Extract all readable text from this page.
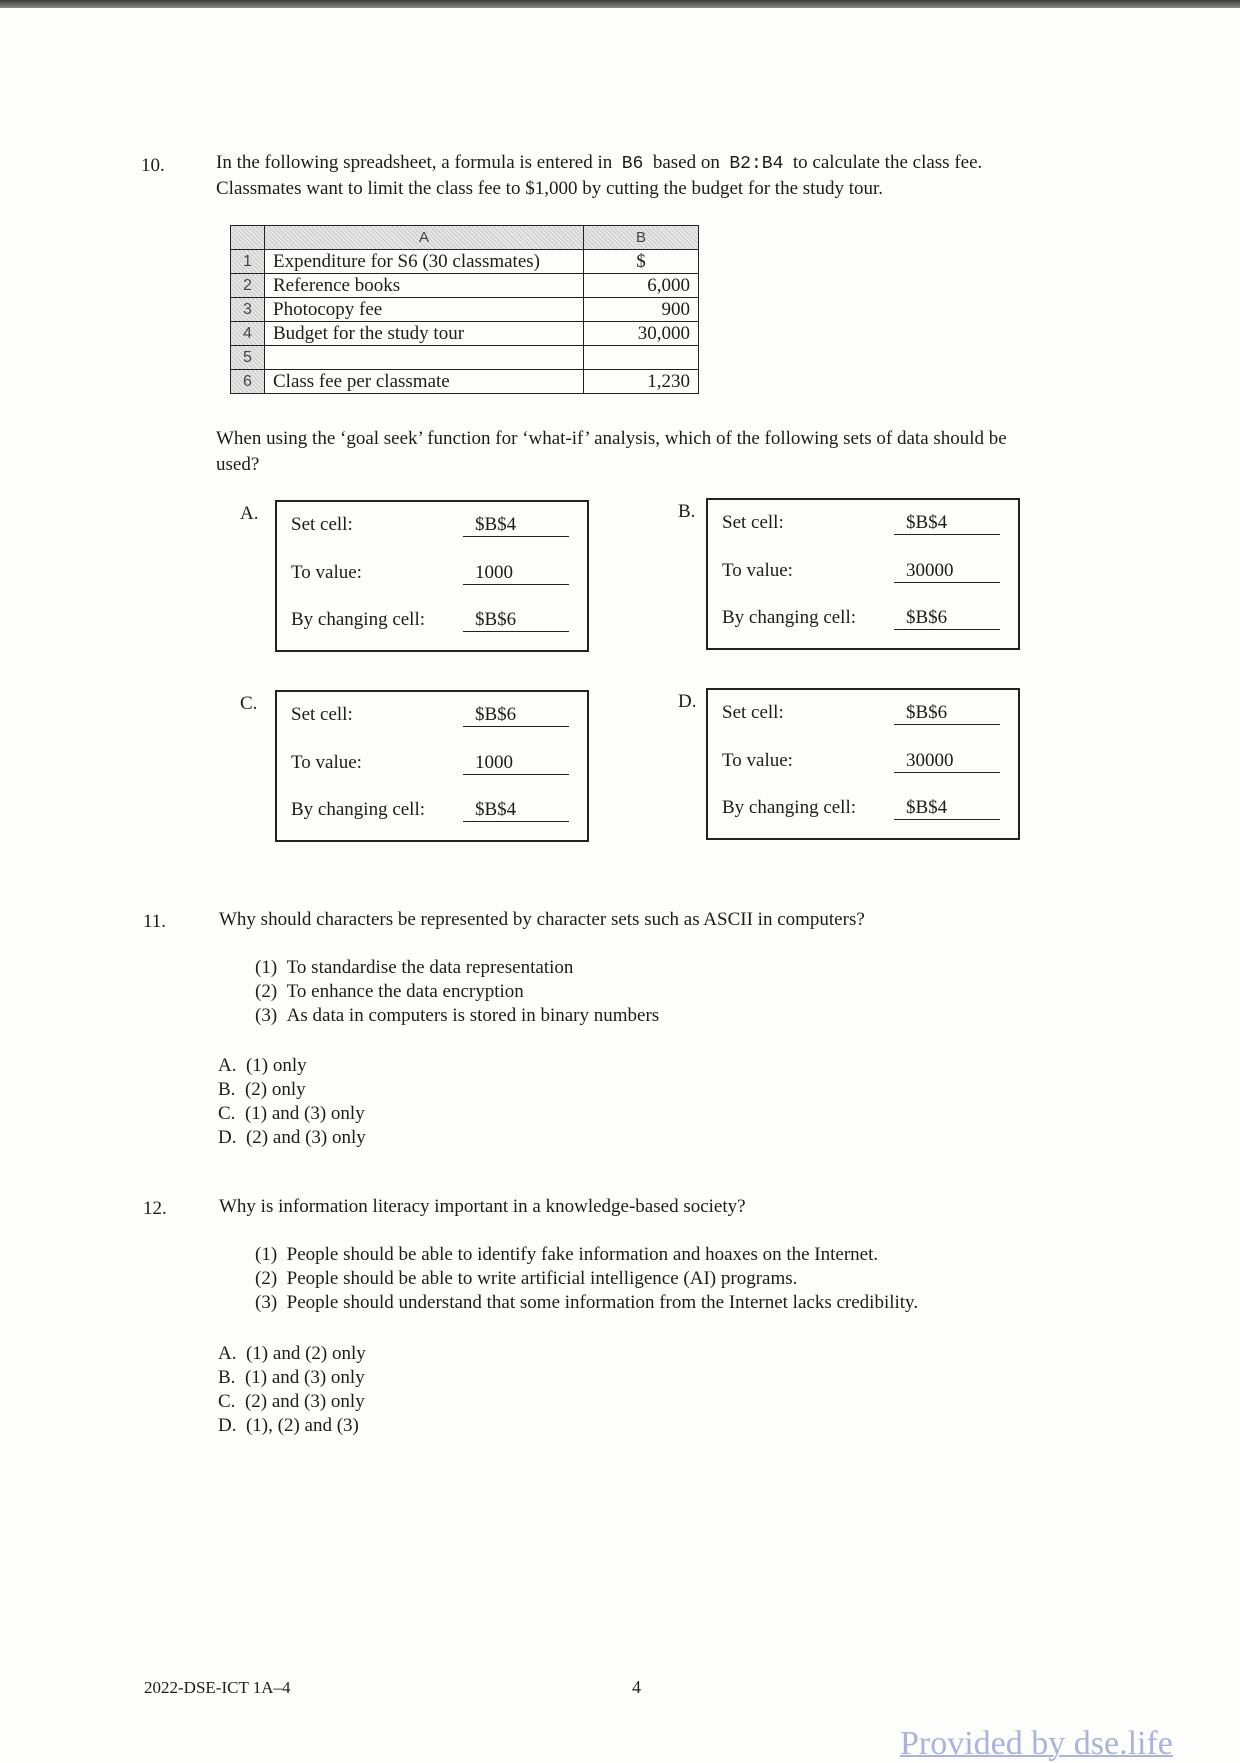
10.	In the following spreadsheet, a formula is entered in B6 based on B2:B4 to calculate the class fee.
Classmates want to limit the class fee to $1,000 by cutting the budget for the study tour.
	A	B
1	Expenditure for S6 (30 classmates)	$
2	Reference books	6,000
3	Photocopy fee	900
4	Budget for the study tour	30,000
5		
6	Class fee per classmate	1,230
When using the ‘goal seek’ function for ‘what-if’ analysis, which of the following sets of data should be
used?
A.
Set cell:	$B$4
To value:	1000
By changing cell:	$B$6
B.
Set cell:	$B$4
To value:	30000
By changing cell:	$B$6
C.
Set cell:	$B$6
To value:	1000
By changing cell:	$B$4
D.
Set cell:	$B$6
To value:	30000
By changing cell:	$B$4
11.	Why should characters be represented by character sets such as ASCII in computers?
(1) To standardise the data representation
(2) To enhance the data encryption
(3) As data in computers is stored in binary numbers
A. (1) only
B. (2) only
C. (1) and (3) only
D. (2) and (3) only
12.	Why is information literacy important in a knowledge-based society?
(1) People should be able to identify fake information and hoaxes on the Internet.
(2) People should be able to write artificial intelligence (AI) programs.
(3) People should understand that some information from the Internet lacks credibility.
A. (1) and (2) only
B. (1) and (3) only
C. (2) and (3) only
D. (1), (2) and (3)
2022-DSE-ICT 1A–4	4
Provided by dse.life
